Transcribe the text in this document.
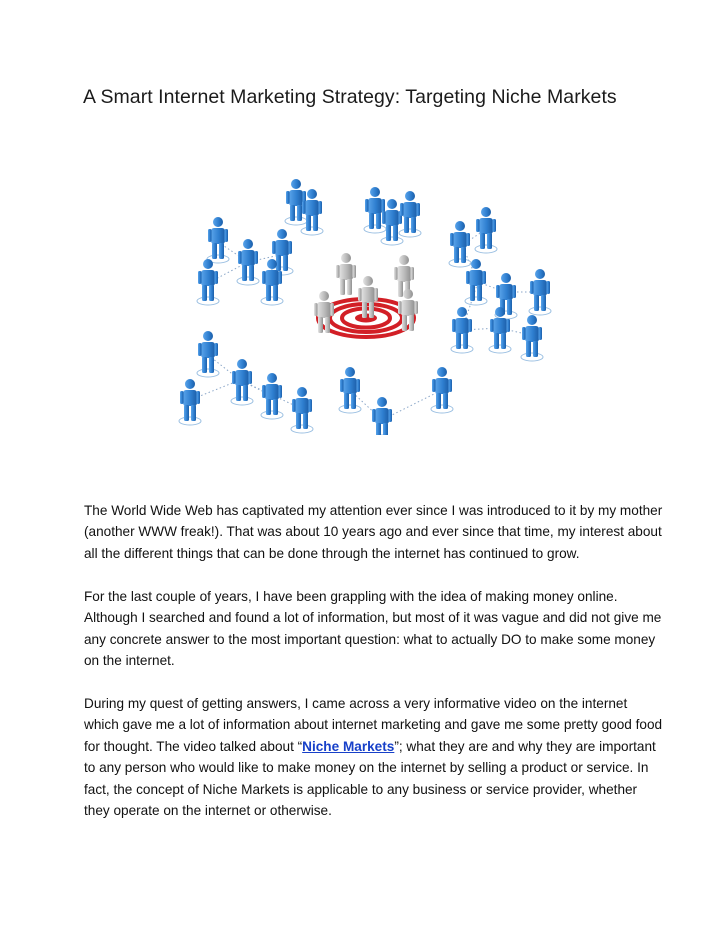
A Smart Internet Marketing Strategy: Targeting Niche Markets

The World Wide Web has captivated my attention ever since I was introduced to it by my mother (another WWW freak!). That was about 10 years ago and ever since that time, my interest about all the different things that can be done through the internet has continued to grow.

For the last couple of years, I have been grappling with the idea of making money online. Although I searched and found a lot of information, but most of it was vague and did not give me any concrete answer to the most important question: what to actually DO to make some money on the internet.

During my quest of getting answers, I came across a very informative video on the internet which gave me a lot of information about internet marketing and gave me some pretty good food for thought. The video talked about “Niche Markets”; what they are and why they are important to any person who would like to make money on the internet by selling a product or service. In fact, the concept of Niche Markets is applicable to any business or service provider, whether they operate on the internet or otherwise.
